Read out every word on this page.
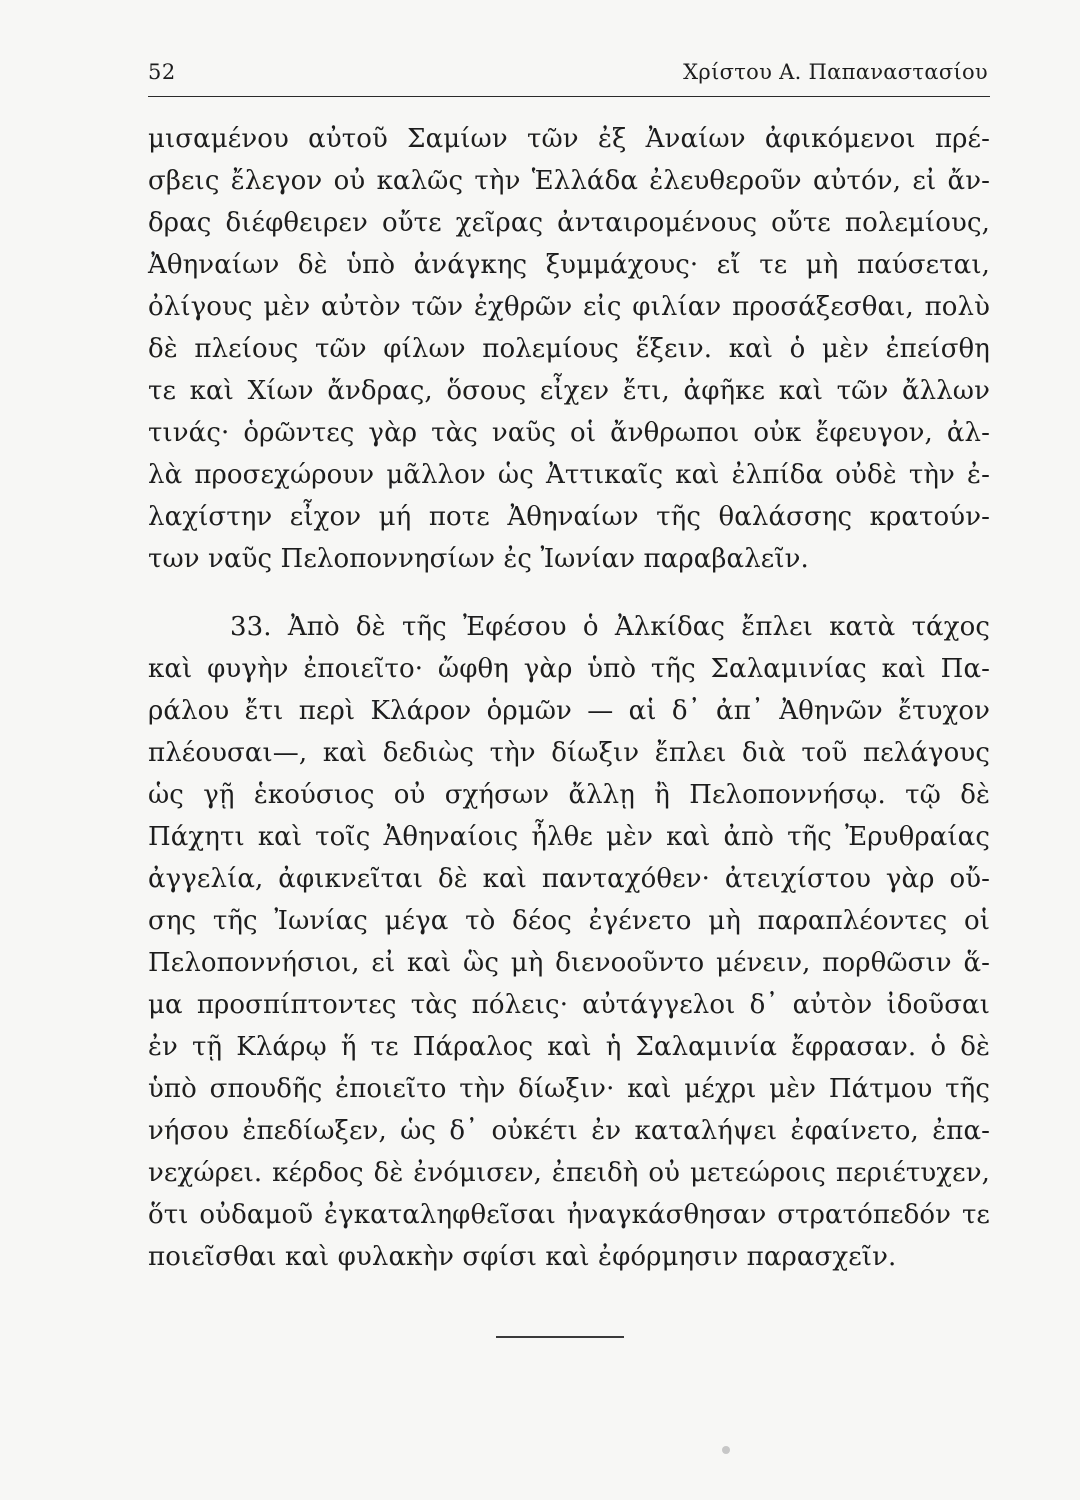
52	Χρίστου Α. Παπαναστασίου
μισαμένου αὐτοῦ Σαμίων τῶν ἐξ Ἀναίων ἀφικόμενοι πρέ-
σβεις ἔλεγον οὐ καλῶς τὴν Ἑλλάδα ἐλευθεροῦν αὐτόν, εἰ ἄν-
δρας διέφθειρεν οὔτε χεῖρας ἀνταιρομένους οὔτε πολεμίους,
Ἀθηναίων δὲ ὑπὸ ἀνάγκης ξυμμάχους· εἴ τε μὴ παύσεται,
ὀλίγους μὲν αὐτὸν τῶν ἐχθρῶν εἰς φιλίαν προσάξεσθαι, πολὺ
δὲ πλείους τῶν φίλων πολεμίους ἕξειν. καὶ ὁ μὲν ἐπείσθη
τε καὶ Χίων ἄνδρας, ὅσους εἶχεν ἔτι, ἀφῆκε καὶ τῶν ἄλλων
τινάς· ὁρῶντες γὰρ τὰς ναῦς οἱ ἄνθρωποι οὐκ ἔφευγον, ἀλ-
λὰ προσεχώρουν μᾶλλον ὡς Ἀττικαῖς καὶ ἐλπίδα οὐδὲ τὴν ἐ-
λαχίστην εἶχον μή ποτε Ἀθηναίων τῆς θαλάσσης κρατούν-
των ναῦς Πελοποννησίων ἐς Ἰωνίαν παραβαλεῖν.
33. Ἀπὸ δὲ τῆς Ἐφέσου ὁ Ἀλκίδας ἔπλει κατὰ τάχος
καὶ φυγὴν ἐποιεῖτο· ὤφθη γὰρ ὑπὸ τῆς Σαλαμινίας καὶ Πα-
ράλου ἔτι περὶ Κλάρον ὁρμῶν — αἱ δ᾿ ἀπ᾿ Ἀθηνῶν ἔτυχον
πλέουσαι—, καὶ δεδιὼς τὴν δίωξιν ἔπλει διὰ τοῦ πελάγους
ὡς γῇ ἑκούσιος οὐ σχήσων ἄλλῃ ἢ Πελοποννήσῳ. τῷ δὲ
Πάχητι καὶ τοῖς Ἀθηναίοις ἦλθε μὲν καὶ ἀπὸ τῆς Ἐρυθραίας
ἀγγελία, ἀφικνεῖται δὲ καὶ πανταχόθεν· ἀτειχίστου γὰρ οὔ-
σης τῆς Ἰωνίας μέγα τὸ δέος ἐγένετο μὴ παραπλέοντες οἱ
Πελοποννήσιοι, εἰ καὶ ὣς μὴ διενοοῦντο μένειν, πορθῶσιν ἅ-
μα προσπίπτοντες τὰς πόλεις· αὐτάγγελοι δ᾿ αὐτὸν ἰδοῦσαι
ἐν τῇ Κλάρῳ ἥ τε Πάραλος καὶ ἡ Σαλαμινία ἔφρασαν. ὁ δὲ
ὑπὸ σπουδῆς ἐποιεῖτο τὴν δίωξιν· καὶ μέχρι μὲν Πάτμου τῆς
νήσου ἐπεδίωξεν, ὡς δ᾿ οὐκέτι ἐν καταλήψει ἐφαίνετο, ἐπα-
νεχώρει. κέρδος δὲ ἐνόμισεν, ἐπειδὴ οὐ μετεώροις περιέτυχεν,
ὅτι οὐδαμοῦ ἐγκαταληφθεῖσαι ἠναγκάσθησαν στρατόπεδόν τε
ποιεῖσθαι καὶ φυλακὴν σφίσι καὶ ἐφόρμησιν παρασχεῖν.
